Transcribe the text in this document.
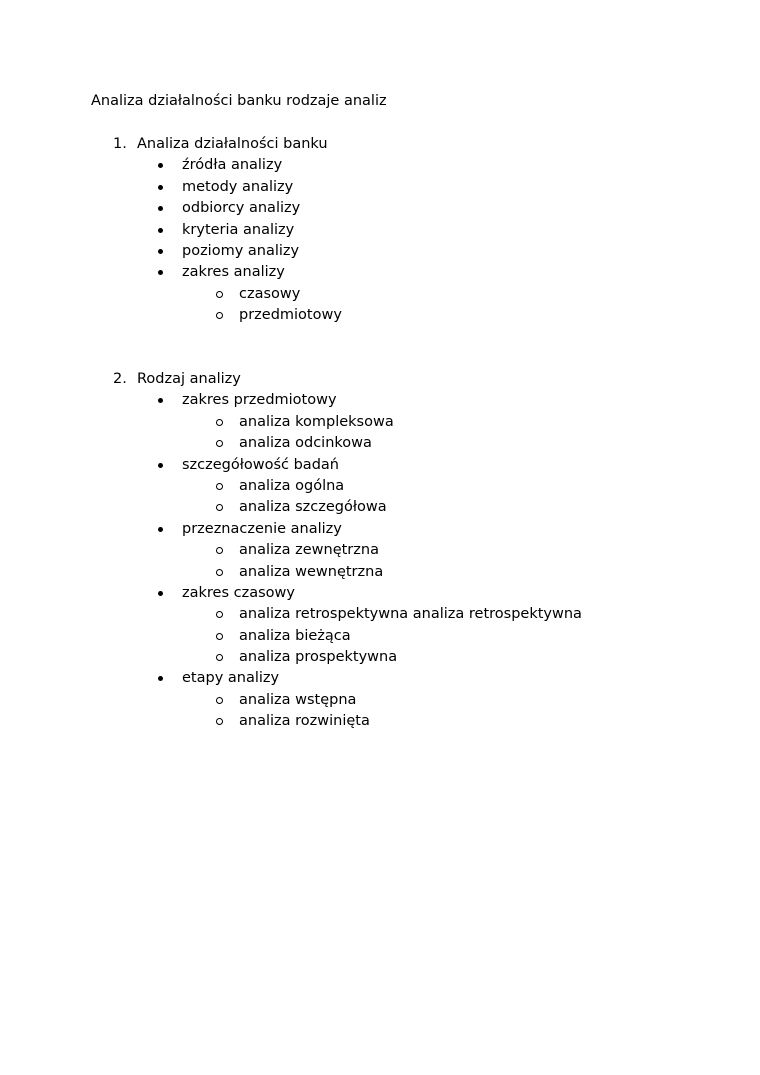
Analiza działalności banku rodzaje analiz
1. Analiza działalności banku
źródła analizy
metody analizy
odbiorcy analizy
kryteria analizy
poziomy analizy
zakres analizy
czasowy
przedmiotowy
2. Rodzaj analizy
zakres przedmiotowy
analiza kompleksowa
analiza odcinkowa
szczegółowość badań
analiza ogólna
analiza szczegółowa
przeznaczenie analizy
analiza zewnętrzna
analiza wewnętrzna
zakres czasowy
analiza retrospektywna analiza retrospektywna
analiza bieżąca
analiza prospektywna
etapy analizy
analiza wstępna
analiza rozwinięta
